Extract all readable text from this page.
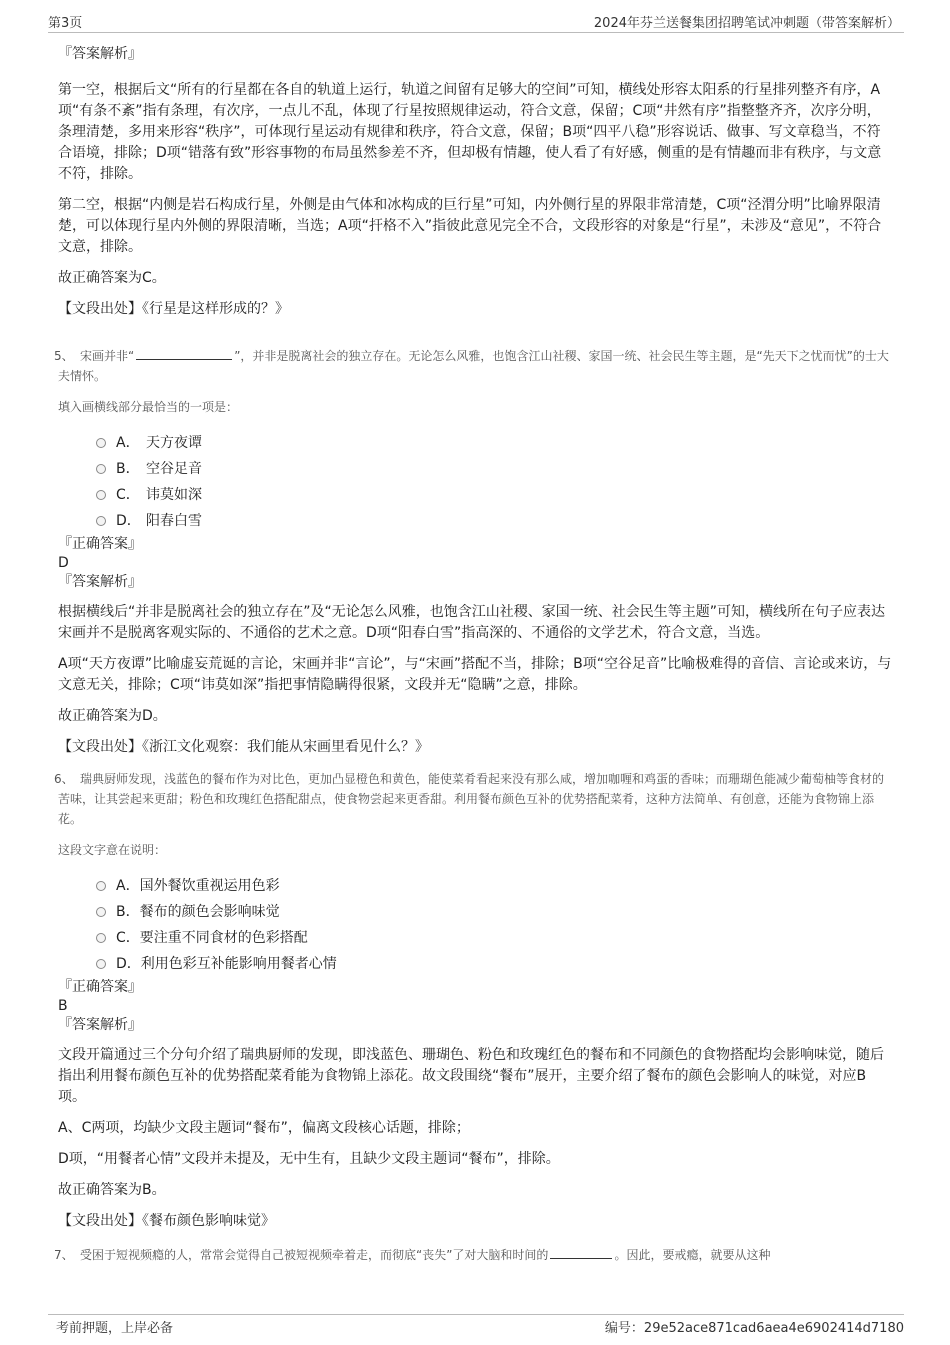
第3页	2024年芬兰送餐集团招聘笔试冲刺题（带答案解析）

『答案解析』

第一空，根据后文“所有的行星都在各自的轨道上运行，轨道之间留有足够大的空间”可知，横线处形容太阳系的行星排列整齐有序，A项“有条不紊”指有条理，有次序，一点儿不乱，体现了行星按照规律运动，符合文意，保留；C项“井然有序”指整整齐齐，次序分明，条理清楚，多用来形容“秩序”，可体现行星运动有规律和秩序，符合文意，保留；B项“四平八稳”形容说话、做事、写文章稳当，不符合语境，排除；D项“错落有致”形容事物的布局虽然参差不齐，但却极有情趣，使人看了有好感，侧重的是有情趣而非有秩序，与文意不符，排除。

第二空，根据“内侧是岩石构成行星，外侧是由气体和冰构成的巨行星”可知，内外侧行星的界限非常清楚，C项“泾渭分明”比喻界限清楚，可以体现行星内外侧的界限清晰，当选；A项“扞格不入”指彼此意见完全不合，文段形容的对象是“行星”，未涉及“意见”，不符合文意，排除。

故正确答案为C。

【文段出处】《行星是这样形成的？》

5、 宋画并非“	”，并非是脱离社会的独立存在。无论怎么风雅，也饱含江山社稷、家国一统、社会民生等主题，是“先天下之忧而忧”的士大夫情怀。

填入画横线部分最恰当的一项是：

A． 天方夜谭
B． 空谷足音
C． 讳莫如深
D． 阳春白雪

『正确答案』

D

『答案解析』

根据横线后“并非是脱离社会的独立存在”及“无论怎么风雅，也饱含江山社稷、家国一统、社会民生等主题”可知，横线所在句子应表达宋画并不是脱离客观实际的、不通俗的艺术之意。D项“阳春白雪”指高深的、不通俗的文学艺术，符合文意，当选。

A项“天方夜谭”比喻虚妄荒诞的言论，宋画并非“言论”，与“宋画”搭配不当，排除；B项“空谷足音”比喻极难得的音信、言论或来访，与文意无关，排除；C项“讳莫如深”指把事情隐瞒得很紧，文段并无“隐瞒”之意，排除。

故正确答案为D。

【文段出处】《浙江文化观察：我们能从宋画里看见什么？》

6、 瑞典厨师发现，浅蓝色的餐布作为对比色，更加凸显橙色和黄色，能使菜肴看起来没有那么咸，增加咖喱和鸡蛋的香味；而珊瑚色能减少葡萄柚等食材的苦味，让其尝起来更甜；粉色和玫瑰红色搭配甜点，使食物尝起来更香甜。利用餐布颜色互补的优势搭配菜肴，这种方法简单、有创意，还能为食物锦上添花。

这段文字意在说明：

A． 国外餐饮重视运用色彩
B． 餐布的颜色会影响味觉
C． 要注重不同食材的色彩搭配
D． 利用色彩互补能影响用餐者心情

『正确答案』

B

『答案解析』

文段开篇通过三个分句介绍了瑞典厨师的发现，即浅蓝色、珊瑚色、粉色和玫瑰红色的餐布和不同颜色的食物搭配均会影响味觉，随后指出利用餐布颜色互补的优势搭配菜肴能为食物锦上添花。故文段围绕“餐布”展开，主要介绍了餐布的颜色会影响人的味觉，对应B项。

A、C两项，均缺少文段主题词“餐布”，偏离文段核心话题，排除；

D项，“用餐者心情”文段并未提及，无中生有，且缺少文段主题词“餐布”，排除。

故正确答案为B。

【文段出处】《餐布颜色影响味觉》

7、 受困于短视频瘾的人，常常会觉得自己被短视频牵着走，而彻底“丧失”了对大脑和时间的	。因此，要戒瘾，就要从这种

考前押题，上岸必备	编号：29e52ace871cad6aea4e6902414d7180
